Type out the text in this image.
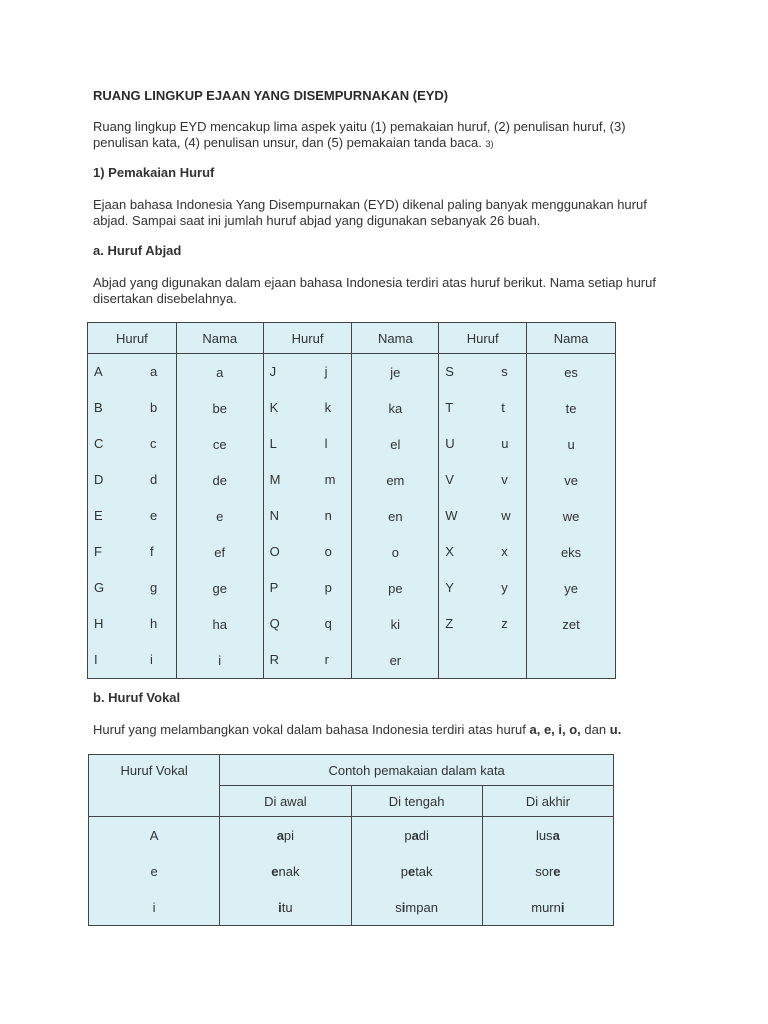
RUANG LINGKUP EJAAN YANG DISEMPURNAKAN (EYD)

Ruang lingkup EYD mencakup lima aspek yaitu (1) pemakaian huruf, (2) penulisan huruf, (3) penulisan kata, (4) penulisan unsur, dan (5) pemakaian tanda baca. 3)

1) Pemakaian Huruf

Ejaan bahasa Indonesia Yang Disempurnakan (EYD) dikenal paling banyak menggunakan huruf abjad. Sampai saat ini jumlah huruf abjad yang digunakan sebanyak 26 buah.

a. Huruf Abjad

Abjad yang digunakan dalam ejaan bahasa Indonesia terdiri atas huruf berikut. Nama setiap huruf disertakan disebelahnya.

Huruf	Nama	Huruf	Nama	Huruf	Nama

A a	a	J j	je	S s	es

B b	be	K k	ka	T t	te

C c	ce	L l	el	U u	u

D d	de	M m	em	V v	ve

E e	e	N n	en	W w	we

F f	ef	O o	o	X x	eks

G g	ge	P p	pe	Y y	ye

H h	ha	Q q	ki	Z z	zet

I i	i	R r	er	

b. Huruf Vokal

Huruf yang melambangkan vokal dalam bahasa Indonesia terdiri atas huruf a, e, i, o, dan u.

Huruf Vokal	Contoh pemakaian dalam kata		
	Di awal	Di tengah	Di akhir
A	api	padi	lusa
e	enak	petak	sore
i	itu	simpan	murni
